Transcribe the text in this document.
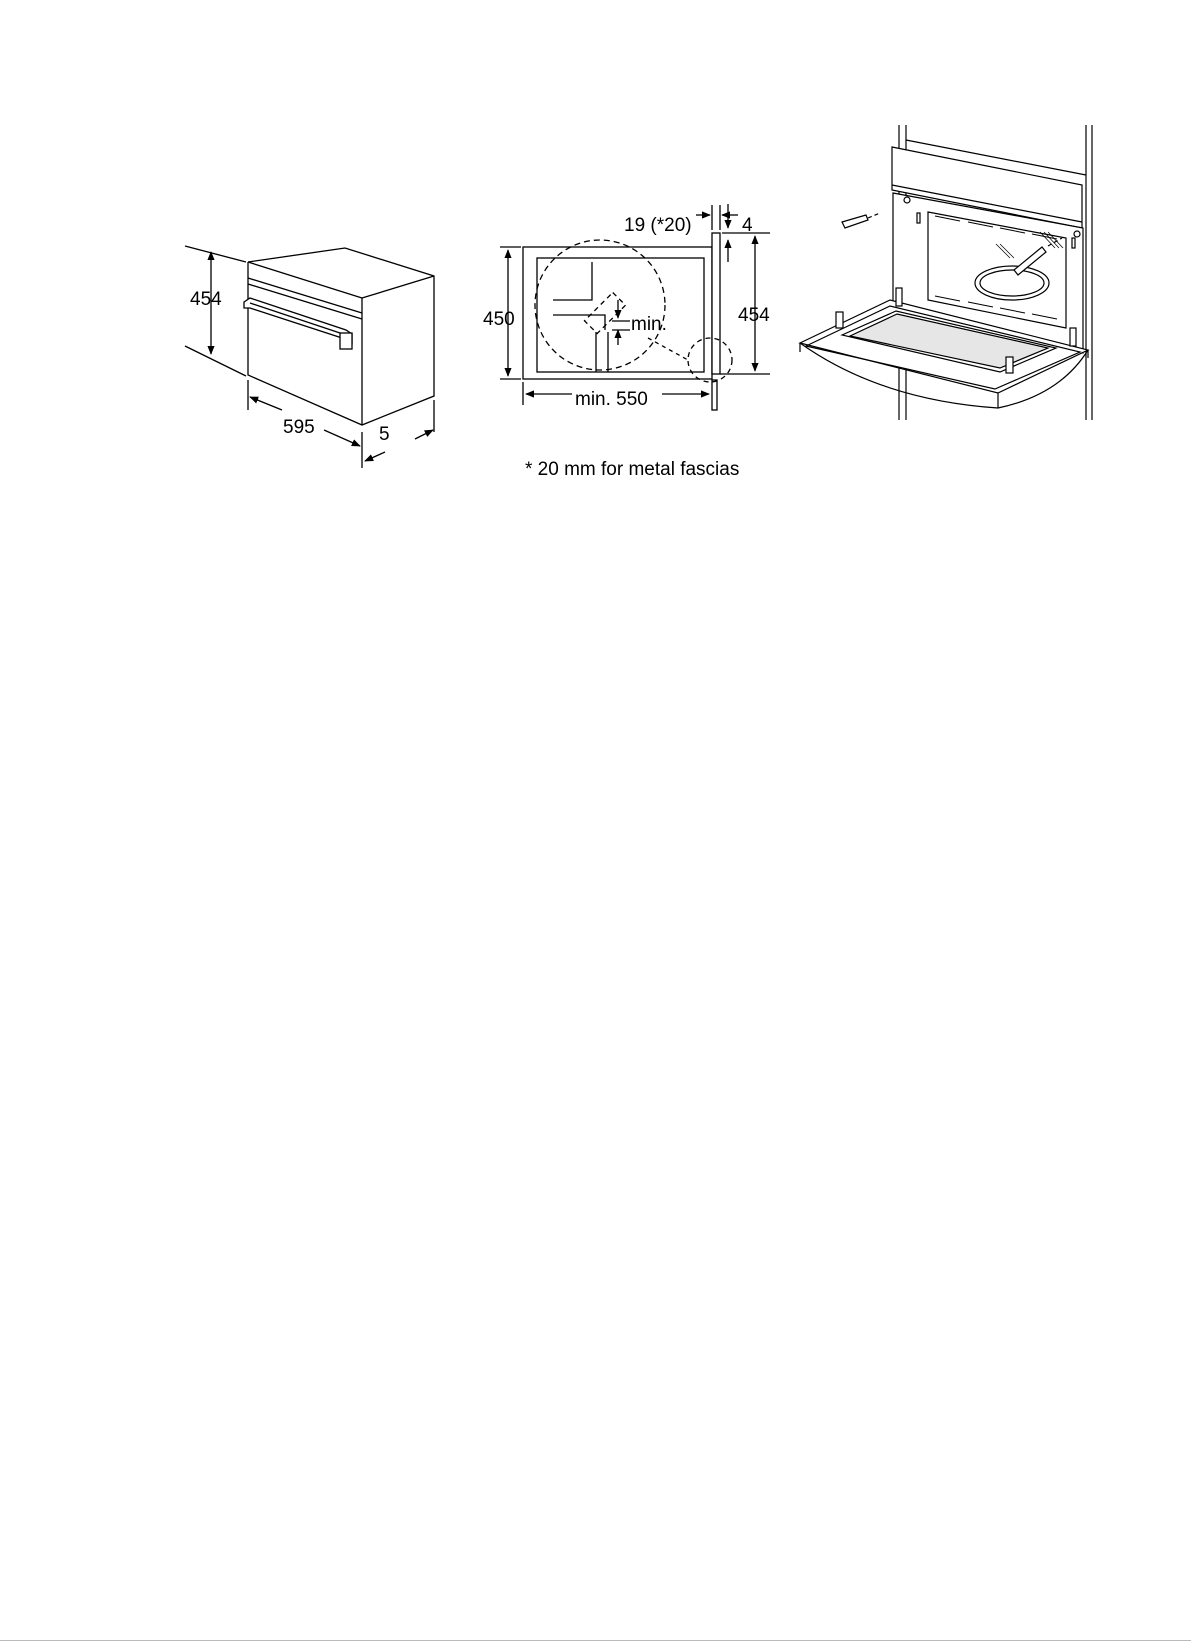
454
595	5
19 (*20)	4
450	454
min.
min. 550
* 20 mm for metal fascias
